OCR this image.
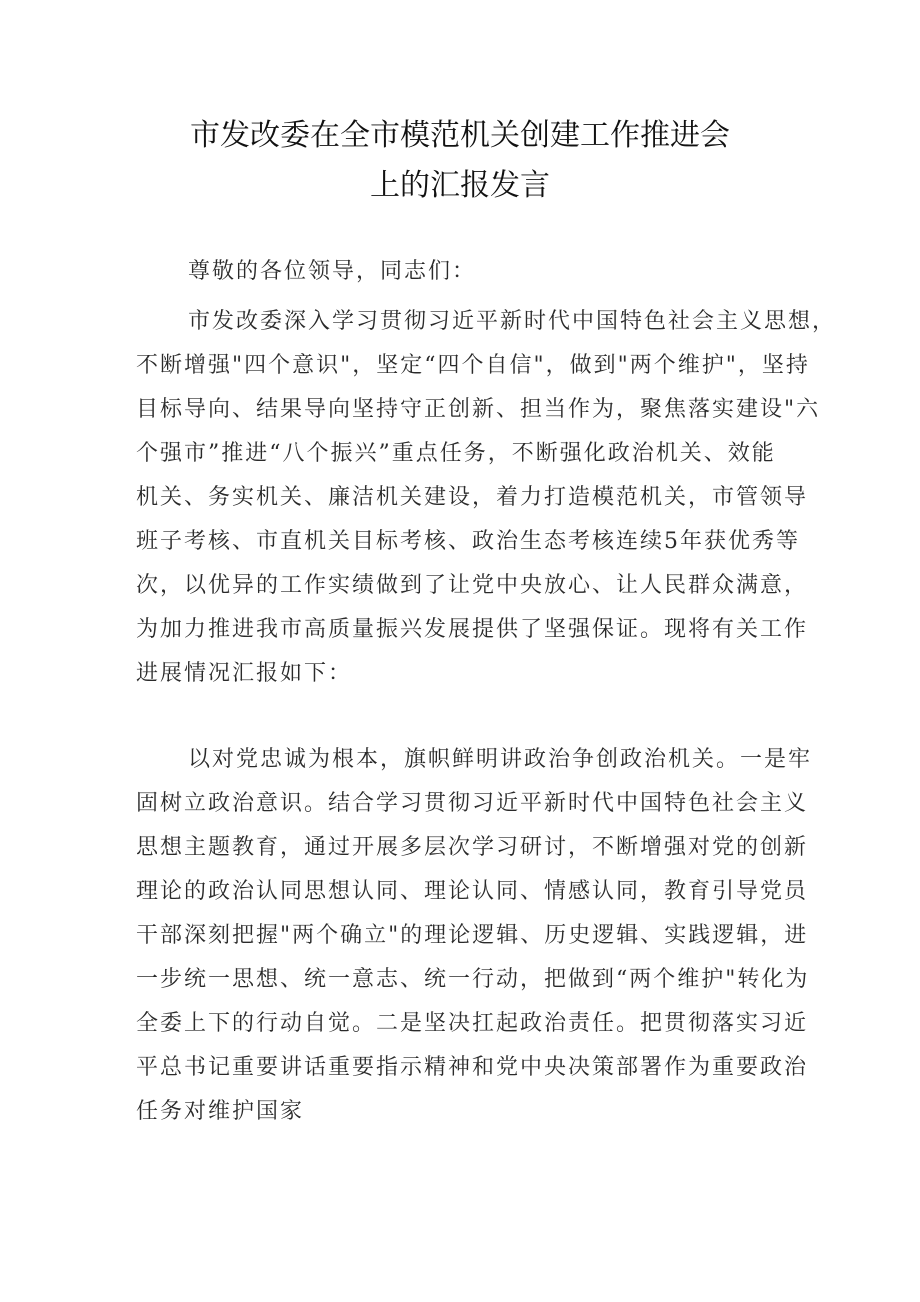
市发改委在全市模范机关创建工作推进会
上的汇报发言
尊敬的各位领导，同志们：
市发改委深入学习贯彻习近平新时代中国特色社会主义思想，
不断增强"四个意识"，坚定“四个自信"，做到"两个维护"，坚持
目标导向、结果导向坚持守正创新、担当作为，聚焦落实建设"六
个强市”推进“八个振兴”重点任务，不断强化政治机关、效能
机关、务实机关、廉洁机关建设，着力打造模范机关，市管领导
班子考核、市直机关目标考核、政治生态考核连续5年获优秀等
次，以优异的工作实绩做到了让党中央放心、让人民群众满意，
为加力推进我市高质量振兴发展提供了坚强保证。现将有关工作
进展情况汇报如下：
以对党忠诚为根本，旗帜鲜明讲政治争创政治机关。一是牢
固树立政治意识。结合学习贯彻习近平新时代中国特色社会主义
思想主题教育，通过开展多层次学习研讨，不断增强对党的创新
理论的政治认同思想认同、理论认同、情感认同，教育引导党员
干部深刻把握"两个确立"的理论逻辑、历史逻辑、实践逻辑，进
一步统一思想、统一意志、统一行动，把做到“两个维护"转化为
全委上下的行动自觉。二是坚决扛起政治责任。把贯彻落实习近
平总书记重要讲话重要指示精神和党中央决策部署作为重要政治
任务对维护国家
